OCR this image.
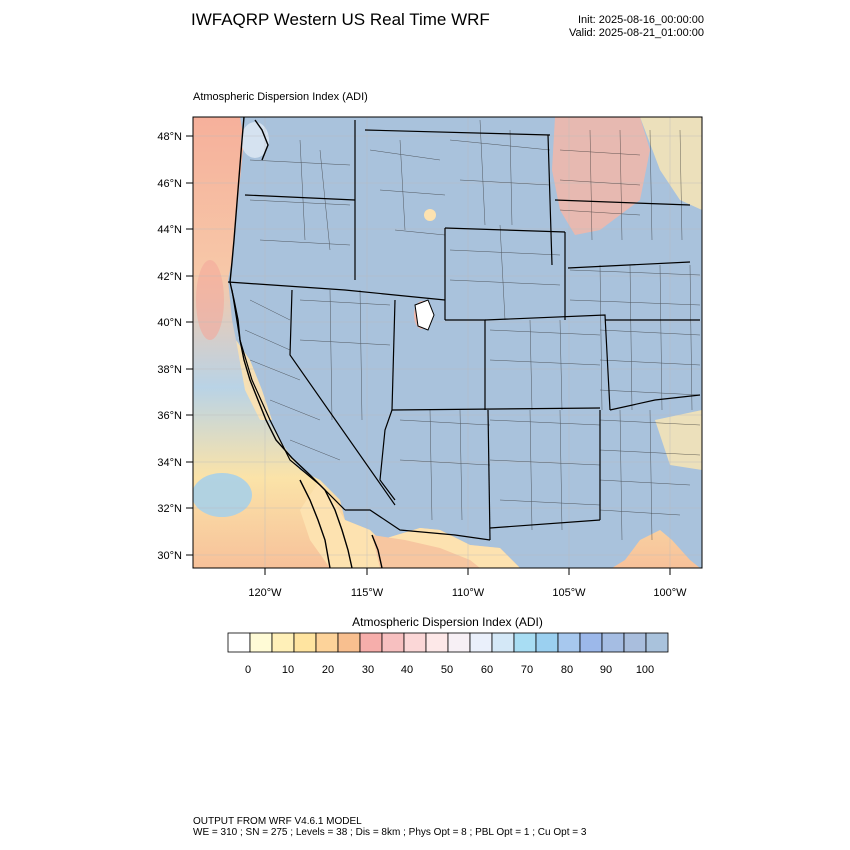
IWFAQRP Western US Real Time WRF	Init: 2025-08-16_00:00:00
Valid: 2025-08-21_01:00:00
Atmospheric Dispersion Index (ADI)
48°N
46°N
44°N
42°N
40°N
38°N
36°N
34°N
32°N
30°N
120°W	115°W	110°W	105°W	100°W
0	10	20	30 40	50	60	70	80 90 100
Atmospheric Dispersion Index (ADI)
OUTPUT FROM WRF V4.6.1 MODEL
WE = 310 ; SN = 275 ; Levels = 38 ; Dis = 8km ; Phys Opt = 8 ; PBL Opt = 1 ; Cu Opt = 3
